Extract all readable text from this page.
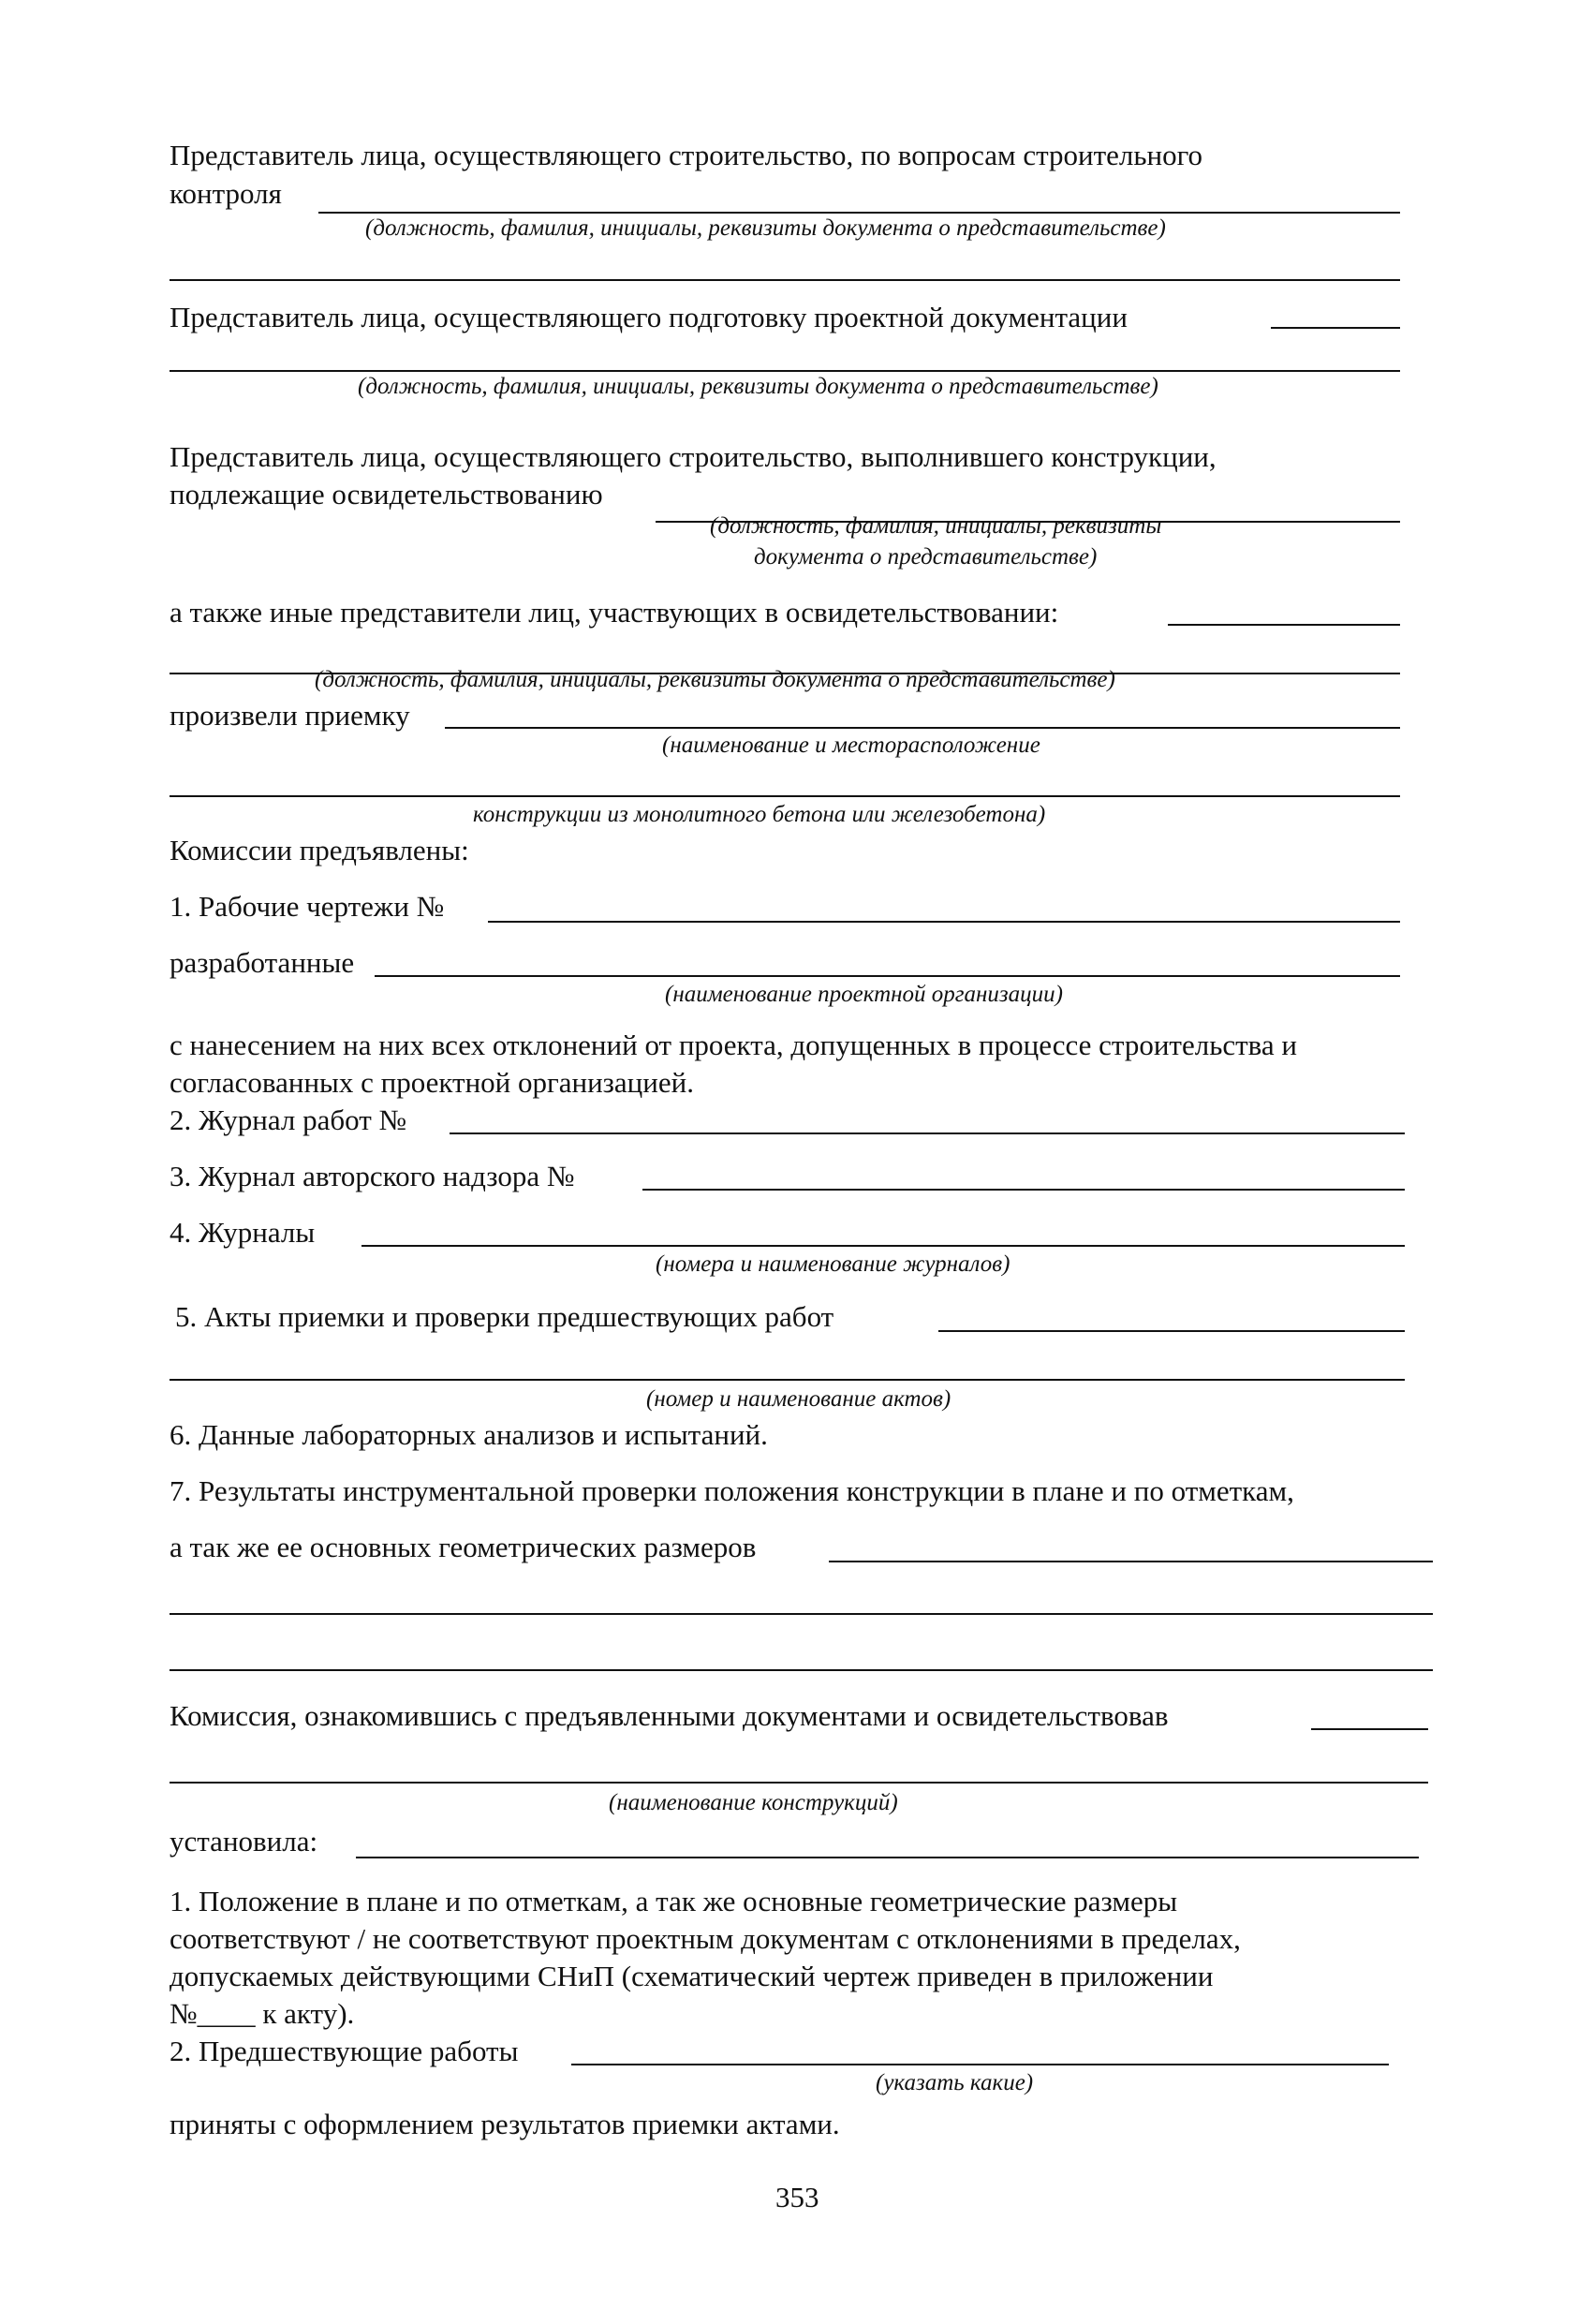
Представитель лица, осуществляющего строительство, по вопросам строительного
контроля
(должность, фамилия, инициалы, реквизиты документа о представительстве)
Представитель лица, осуществляющего подготовку проектной документации
(должность, фамилия, инициалы, реквизиты документа о представительстве)
Представитель лица, осуществляющего строительство, выполнившего конструкции,
подлежащие освидетельствованию
(должность, фамилия, инициалы, реквизиты
документа о представительстве)
а также иные представители лиц, участвующих в освидетельствовании:
(должность, фамилия, инициалы, реквизиты документа о представительстве)
произвели приемку
(наименование и месторасположение
конструкции из монолитного бетона или железобетона)
Комиссии предъявлены:
1. Рабочие чертежи №
разработанные
(наименование проектной организации)
с нанесением на них всех отклонений от проекта, допущенных в процессе строительства и
согласованных с проектной организацией.
2. Журнал работ №
3. Журнал авторского надзора №
4. Журналы
(номера и наименование журналов)
5. Акты приемки и проверки предшествующих работ
(номер и наименование актов)
6. Данные лабораторных анализов и испытаний.
7. Результаты инструментальной проверки положения конструкции в плане и по отметкам,
а так же ее основных геометрических размеров
Комиссия, ознакомившись с предъявленными документами и освидетельствовав
(наименование конструкций)
установила:
1. Положение в плане и по отметкам, а так же основные геометрические размеры
соответствуют / не соответствуют проектным документам с отклонениями в пределах,
допускаемых действующими СНиП (схематический чертеж приведен в приложении
№____ к акту).
2. Предшествующие работы
(указать какие)
приняты с оформлением результатов приемки актами.
353
